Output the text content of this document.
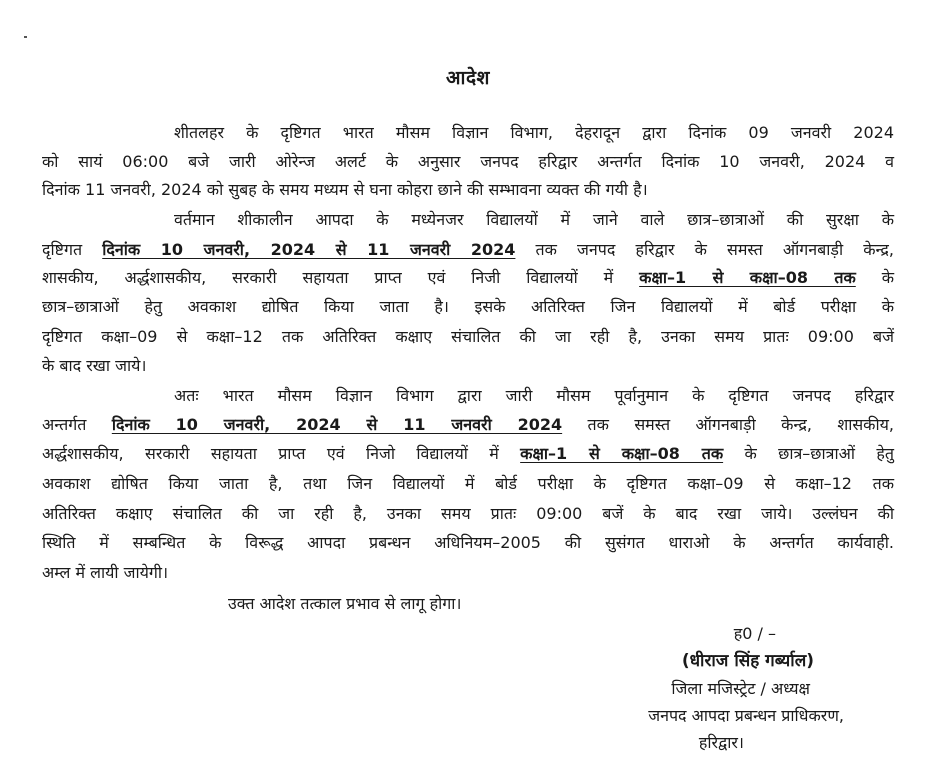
आदेश
शीतलहर के दृष्टिगत भारत मौसम विज्ञान विभाग, देहरादून द्वारा दिनांक 09 जनवरी 2024
को सायं 06:00 बजे जारी ओरेन्ज अलर्ट के अनुसार जनपद हरिद्वार अन्तर्गत दिनांक 10 जनवरी, 2024 व
दिनांक 11 जनवरी, 2024 को सुबह के समय मध्यम से घना कोहरा छाने की सम्भावना व्यक्त की गयी है।
वर्तमान शीकालीन आपदा के मध्येनजर विद्यालयों में जाने वाले छात्र–छात्राओं की सुरक्षा के
दृष्टिगत दिनांक 10 जनवरी, 2024 से 11 जनवरी 2024 तक जनपद हरिद्वार के समस्त ऑगनबाड़ी केन्द्र,
शासकीय, अर्द्धशासकीय, सरकारी सहायता प्राप्त एवं निजी विद्यालयों में कक्षा–1 से कक्षा–08 तक के
छात्र–छात्राओं हेतु अवकाश द्योषित किया जाता है। इसके अतिरिक्त जिन विद्यालयों में बोर्ड परीक्षा के
दृष्टिगत कक्षा–09 से कक्षा–12 तक अतिरिक्त कक्षाए संचालित की जा रही है, उनका समय प्रातः 09:00 बजें
के बाद रखा जाये।
अतः भारत मौसम विज्ञान विभाग द्वारा जारी मौसम पूर्वानुमान के दृष्टिगत जनपद हरिद्वार
अन्तर्गत दिनांक 10 जनवरी, 2024 से 11 जनवरी 2024 तक समस्त ऑगनबाड़ी केन्द्र, शासकीय,
अर्द्धशासकीय, सरकारी सहायता प्राप्त एवं निजो विद्यालयों में कक्षा–1 से कक्षा–08 तक के छात्र–छात्राओं हेतु
अवकाश द्योषित किया जाता है, तथा जिन विद्यालयों में बोर्ड परीक्षा के दृष्टिगत कक्षा–09 से कक्षा–12 तक
अतिरिक्त कक्षाए संचालित की जा रही है, उनका समय प्रातः 09:00 बजें के बाद रखा जाये। उल्लंघन की
स्थिति में सम्बन्धित के विरूद्ध आपदा प्रबन्धन अधिनियम–2005 की सुसंगत धाराओ के अन्तर्गत कार्यवाही.
अम्ल में लायी जायेगी।
उक्त आदेश तत्काल प्रभाव से लागू होगा।
ह0 / –
(धीराज सिंह गर्ब्याल)
जिला मजिस्ट्रेट / अध्यक्ष
जनपद आपदा प्रबन्धन प्राधिकरण,
हरिद्वार।
